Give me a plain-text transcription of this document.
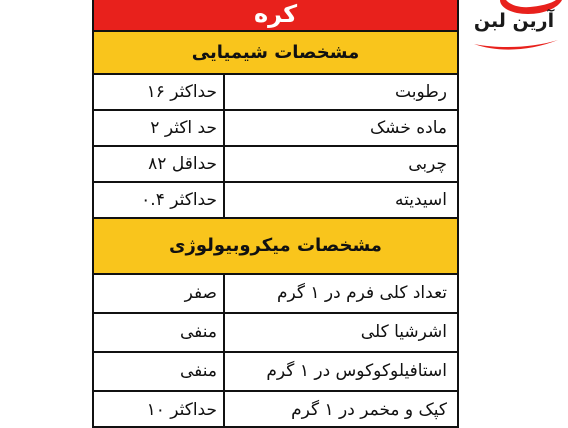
آرین لبن
کره
مشخصات شیمیایی
رطوبت
حداکثر ۱۶
ماده خشک
حد اکثر ۲
چربی
حداقل ۸۲
اسیدیته
حداکثر ۰.۴
مشخصات میکروبیولوژی
تعداد کلی فرم در ۱ گرم
صفر
اشرشیا کلی
منفی
استافیلوکوکوس در ۱ گرم
منفی
کپک و مخمر در ۱ گرم
حداکثر ۱۰
